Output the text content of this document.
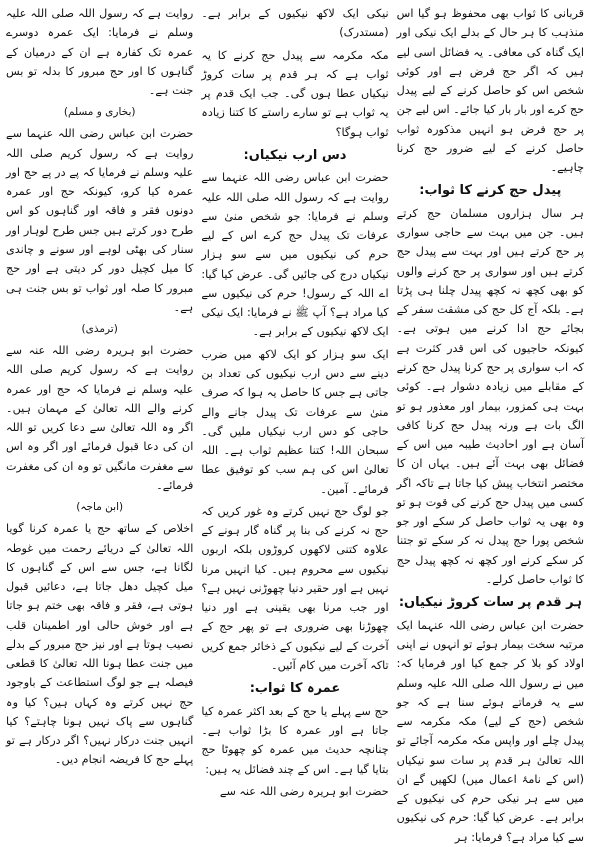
قربانی کا ثواب بھی محفوظ ہو گیا اس منذہب کا ہر حال کے بدلے ایک نیکی اور ایک گناہ کی معافی۔ یہ فضائل اسی لیے ہیں کہ اگر حج فرض ہے اور کوئی شخص اس کو حاصل کرنے کے لیے پیدل حج کرے اور بار بار کیا جائے۔ اس لیے جن پر حج فرض ہو انہیں مذکورہ ثواب حاصل کرنے کے لیے ضرور حج کرنا چاہیے۔

پیدل حج کرنے کا ثواب:

ہر سال ہزاروں مسلمان حج کرتے ہیں۔ جن میں بہت سے حاجی سواری پر حج کرتے ہیں اور بہت سے پیدل حج کرتے ہیں اور سواری پر حج کرنے والوں کو بھی کچھ نہ کچھ پیدل چلنا ہی پڑتا ہے۔ بلکہ آج کل حج کی مشقت سفر کے بجائے حج ادا کرنے میں ہوتی ہے۔ کیونکہ حاجیوں کی اس قدر کثرت ہے کہ اب سواری پر حج کرنا پیدل حج کرنے کے مقابلے میں زیادہ دشوار ہے۔ کوئی بہت ہی کمزور، بیمار اور معذور ہو تو الگ بات ہے ورنہ پیدل حج کرنا کافی آسان ہے اور احادیث طیبہ میں اس کے فضائل بھی بہت آئے ہیں۔ یہاں ان کا مختصر انتخاب پیش کیا جاتا ہے تاکہ اگر کسی میں پیدل حج کرنے کی قوت ہو تو وہ بھی یہ ثواب حاصل کر سکے اور جو شخص پورا حج پیدل نہ کر سکے تو جتنا کر سکے کرنے اور کچھ نہ کچھ پیدل حج کا ثواب حاصل کرلے۔

ہر قدم پر سات کروڑ نیکیاں:

حضرت ابن عباس رضی اللہ عنہما ایک مرتبہ سخت بیمار ہوئے تو انہوں نے اپنی اولاد کو بلا کر جمع کیا اور فرمایا کہ: میں نے رسول اللہ صلی اللہ علیہ وسلم سے یہ فرماتے ہوئے سنا ہے کہ جو شخص (حج کے لیے) مکہ مکرمہ سے پیدل چلے اور واپس مکہ مکرمہ آجائے تو اللہ تعالیٰ ہر قدم پر سات سو نیکیاں (اس کے نامۂ اعمال میں) لکھیں گے ان میں سے ہر نیکی حرم کی نیکیوں کے برابر ہے۔ عرض کیا گیا: حرم کی نیکیوں سے کیا مراد ہے؟ فرمایا: ہر

نیکی ایک لاکھ نیکیوں کے برابر ہے۔ (مستدرک)

مکہ مکرمہ سے پیدل حج کرنے کا یہ ثواب ہے کہ ہر قدم پر سات کروڑ نیکیاں عطا ہوں گی۔ جب ایک قدم پر یہ ثواب ہے تو سارے راستے کا کتنا زیادہ ثواب ہوگا؟

دس ارب نیکیاں:

حضرت ابن عباس رضی اللہ عنہما سے روایت ہے کہ رسول اللہ صلی اللہ علیہ وسلم نے فرمایا: جو شخص منیٰ سے عرفات تک پیدل حج کرے اس کے لیے حرم کی نیکیوں میں سے سو ہزار نیکیاں درج کی جائیں گی۔ عرض کیا گیا: اے اللہ کے رسول! حرم کی نیکیوں سے کیا مراد ہے؟ آپ ﷺ نے فرمایا: ایک نیکی ایک لاکھ نیکیوں کے برابر ہے۔

ایک سو ہزار کو ایک لاکھ میں ضرب دینے سے دس ارب نیکیوں کی تعداد بن جاتی ہے جس کا حاصل یہ ہوا کہ صرف منیٰ سے عرفات تک پیدل جانے والے حاجی کو دس ارب نیکیاں ملیں گی۔ سبحان اللہ! کتنا عظیم ثواب ہے۔ اللہ تعالیٰ اس کی ہم سب کو توفیق عطا فرمائے۔ آمین۔

جو لوگ حج نہیں کرتے وہ غور کریں کہ حج نہ کرنے کی بنا پر گناہ گار ہونے کے علاوہ کتنی لاکھوں کروڑوں بلکہ اربوں نیکیوں سے محروم ہیں۔ کیا انہیں مرنا نہیں ہے اور حقیر دنیا چھوڑنی نہیں ہے؟ اور جب مرنا بھی یقینی ہے اور دنیا چھوڑنا بھی ضروری ہے تو پھر حج کے آخرت کے لیے نیکیوں کے ذخائر جمع کریں تاکہ آخرت میں کام آئیں۔

عمرہ کا ثواب:

حج سے پہلے یا حج کے بعد اکثر عمرہ کیا جاتا ہے اور عمرہ کا بڑا ثواب ہے۔ چنانچہ حدیث میں عمرہ کو چھوٹا حج بتایا گیا ہے۔ اس کے چند فضائل یہ ہیں:

حضرت ابو ہریرہ رضی اللہ عنہ سے

روایت ہے کہ رسول اللہ صلی اللہ علیہ وسلم نے فرمایا: ایک عمرہ دوسرے عمرہ تک کفارہ ہے ان کے درمیان کے گناہوں کا اور حج مبرور کا بدلہ تو بس جنت ہے۔

(بخاری و مسلم)

حضرت ابن عباس رضی اللہ عنہما سے روایت ہے کہ رسول کریم صلی اللہ علیہ وسلم نے فرمایا کہ پے در پے حج اور عمرہ کیا کرو، کیونکہ حج اور عمرہ دونوں فقر و فاقہ اور گناہوں کو اس طرح دور کرتے ہیں جس طرح لوہار اور سنار کی بھٹی لوہے اور سونے و چاندی کا میل کچیل دور کر دیتی ہے اور حج مبرور کا صلہ اور ثواب تو بس جنت ہی ہے۔

(ترمذی)

حضرت ابو ہریرہ رضی اللہ عنہ سے روایت ہے کہ رسول کریم صلی اللہ علیہ وسلم نے فرمایا کہ حج اور عمرہ کرنے والے اللہ تعالیٰ کے مہمان ہیں۔ اگر وہ اللہ تعالیٰ سے دعا کریں تو اللہ ان کی دعا قبول فرمائے اور اگر وہ اس سے مغفرت مانگیں تو وہ ان کی مغفرت فرمائے۔

(ابن ماجہ)

اخلاص کے ساتھ حج یا عمرہ کرنا گویا اللہ تعالیٰ کے دریائے رحمت میں غوطہ لگانا ہے، جس سے اس کے گناہوں کا میل کچیل دھل جاتا ہے، دعائیں قبول ہوتی ہے، فقر و فاقہ بھی ختم ہو جاتا ہے اور خوش حالی اور اطمینان قلب نصیب ہوتا ہے اور نیز حج مبرور کے بدلے میں جنت عطا ہونا اللہ تعالیٰ کا قطعی فیصلہ ہے جو لوگ استطاعت کے باوجود حج نہیں کرتے وہ کہاں ہیں؟ کیا وہ گناہوں سے پاک نہیں ہونا چاہتے؟ کیا انہیں جنت درکار نہیں؟ اگر درکار ہے تو پہلے حج کا فریضہ انجام دیں۔
